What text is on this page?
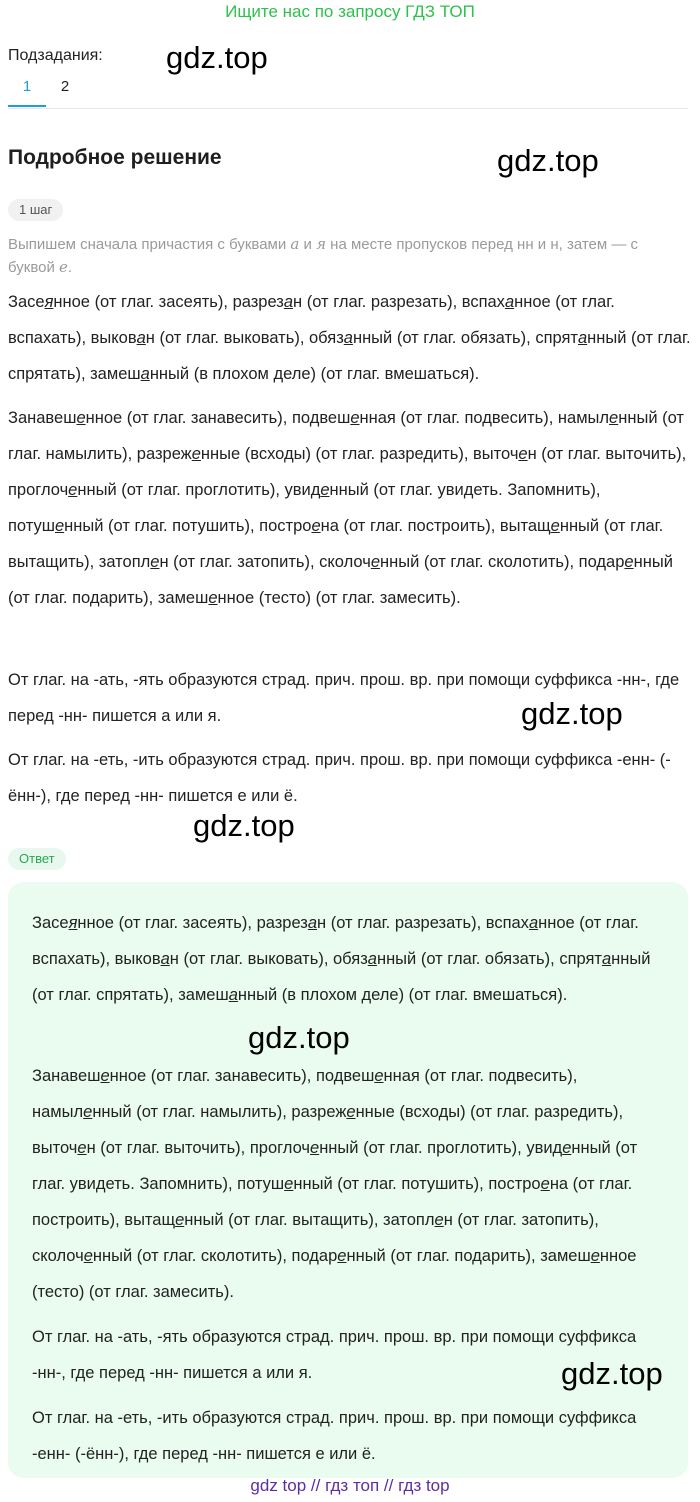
Ищите нас по запросу ГДЗ ТОП
Подзадания: gdz.top
1	2
Подробное решение	gdz.top
1 шаг
Выпишем сначала причастия с буквами а и я на месте пропусков перед нн и н, затем — с буквой е.

Засеянное (от глаг. засеять), разрезан (от глаг. разрезать), вспаханное (от глаг. вспахать), выкован (от глаг. выковать), обязанный (от глаг. обязать), спрятанный (от глаг. спрятать), замешанный (в плохом деле) (от глаг. вмешаться).

Занавешенное (от глаг. занавесить), подвешенная (от глаг. подвесить), намыленный (от глаг. намылить), разреженные (всходы) (от глаг. разредить), выточен (от глаг. выточить), проглоченный (от глаг. проглотить), увиденный (от глаг. увидеть. Запомнить), потушенный (от глаг. потушить), построена (от глаг. построить), вытащенный (от глаг. вытащить), затоплен (от глаг. затопить), сколоченный (от глаг. сколотить), подаренный (от глаг. подарить), замешенное (тесто) (от глаг. замесить).

От глаг. на -ать, -ять образуются страд. прич. прош. вр. при помощи суффикса -нн-, где перед -нн- пишется а или я.	gdz.top

От глаг. на -еть, -ить образуются страд. прич. прош. вр. при помощи суффикса -енн- (-ённ-), где перед -нн- пишется е или ё.

gdz.top
Ответ

Засеянное (от глаг. засеять), разрезан (от глаг. разрезать), вспаханное (от глаг. вспахать), выкован (от глаг. выковать), обязанный (от глаг. обязать), спрятанный (от глаг. спрятать), замешанный (в плохом деле) (от глаг. вмешаться).

gdz.top

Занавешенное (от глаг. занавесить), подвешенная (от глаг. подвесить), намыленный (от глаг. намылить), разреженные (всходы) (от глаг. разредить), выточен (от глаг. выточить), проглоченный (от глаг. проглотить), увиденный (от глаг. увидеть. Запомнить), потушенный (от глаг. потушить), построена (от глаг. построить), вытащенный (от глаг. вытащить), затоплен (от глаг. затопить), сколоченный (от глаг. сколотить), подаренный (от глаг. подарить), замешенное (тесто) (от глаг. замесить).

От глаг. на -ать, -ять образуются страд. прич. прош. вр. при помощи суффикса -нн-, где перед -нн- пишется а или я.	gdz.top

От глаг. на -еть, -ить образуются страд. прич. прош. вр. при помощи суффикса -енн- (-ённ-), где перед -нн- пишется е или ё.

gdz top // гдз топ // гдз top
